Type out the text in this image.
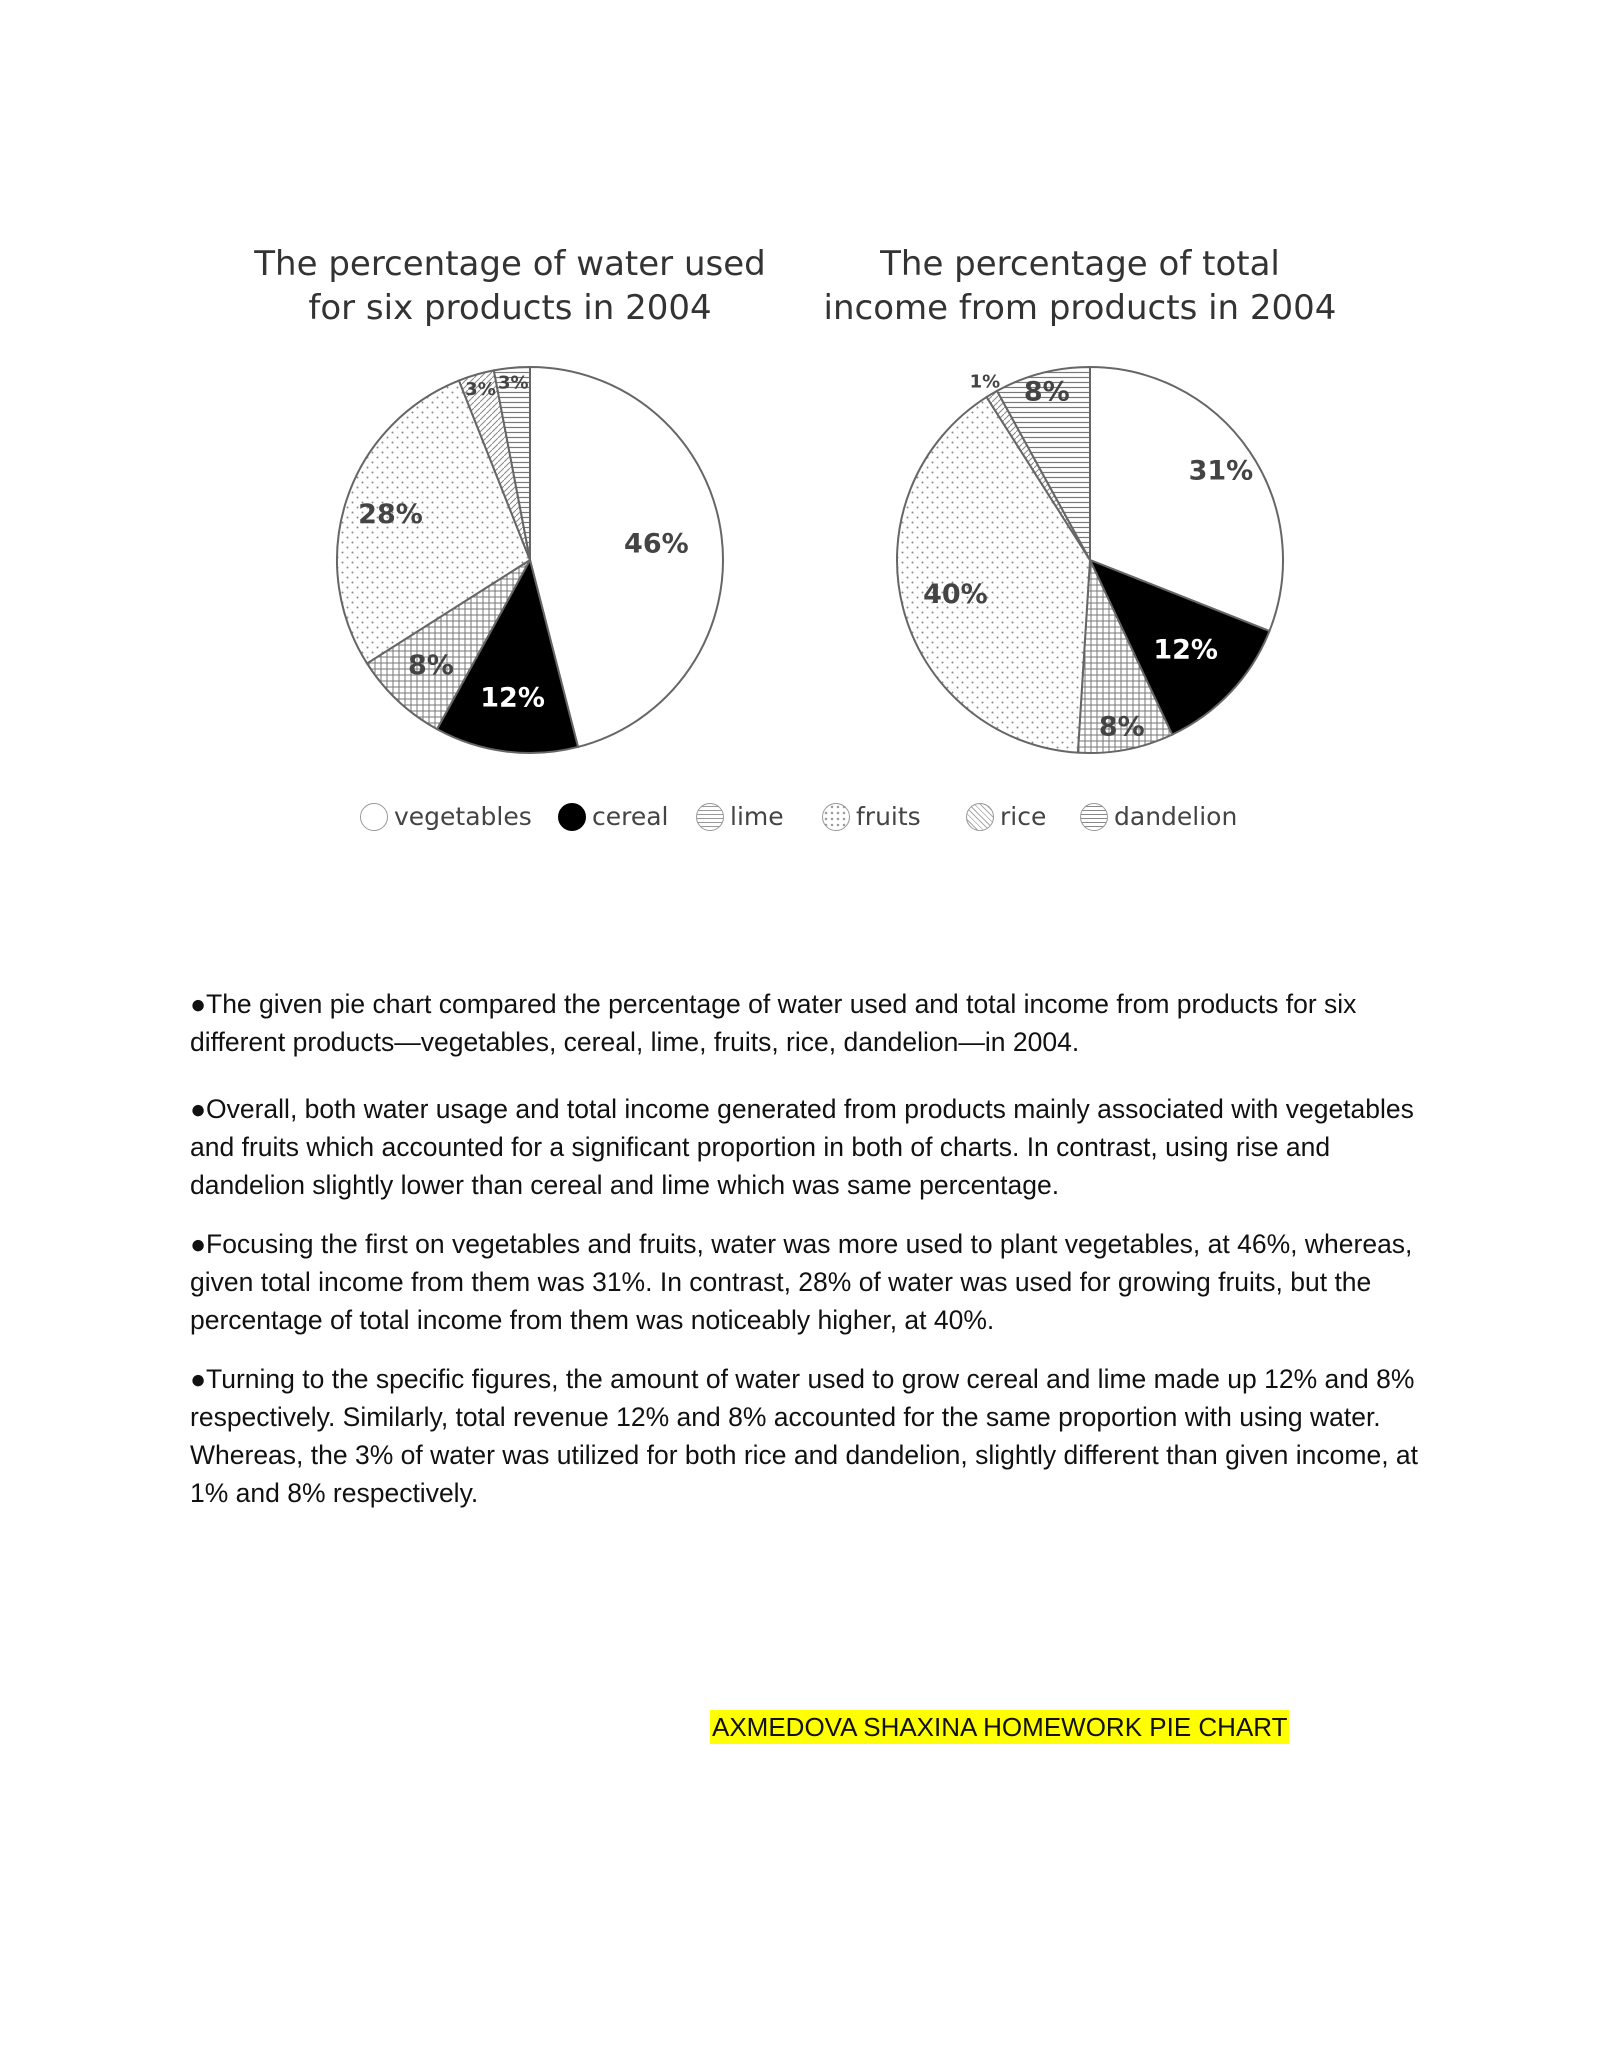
The percentage of water used
for six products in 2004
The percentage of total
income from products in 2004
46%
12%
8%
28%
3% 3%
31%
12%
8%
40%
1% 8%
vegetables cereal lime	fruits	rice	dandelion
●The given pie chart compared the percentage of water used and total income from products for six different products—vegetables, cereal, lime, fruits, rice, dandelion—in 2004.
●Overall, both water usage and total income generated from products mainly associated with vegetables and fruits which accounted for a significant proportion in both of charts. In contrast, using rise and dandelion slightly lower than cereal and lime which was same percentage.
●Focusing the first on vegetables and fruits, water was more used to plant vegetables, at 46%, whereas, given total income from them was 31%. In contrast, 28% of water was used for growing fruits, but the percentage of total income from them was noticeably higher, at 40%.
●Turning to the specific figures, the amount of water used to grow cereal and lime made up 12% and 8% respectively. Similarly, total revenue 12% and 8% accounted for the same proportion with using water. Whereas, the 3% of water was utilized for both rice and dandelion, slightly different than given income, at 1% and 8% respectively.
AXMEDOVA SHAXINA HOMEWORK PIE CHART
